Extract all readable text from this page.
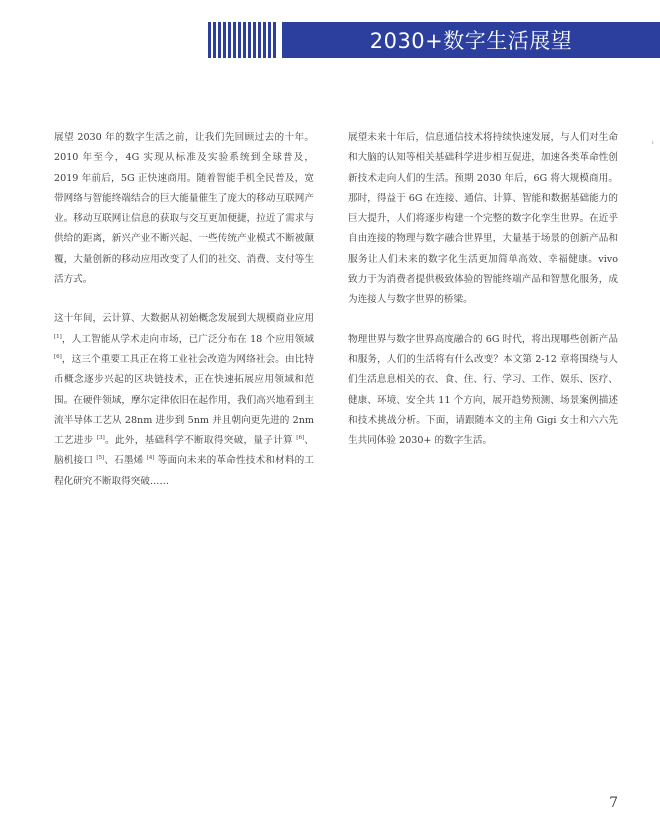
2030+数字生活展望

展望 2030 年的数字生活之前，让我们先回顾过去的十年。2010 年至今，4G 实现从标准及实验系统到全球普及，2019 年前后，5G 正快速商用。随着智能手机全民普及，宽带网络与智能终端结合的巨大能量催生了庞大的移动互联网产业。移动互联网让信息的获取与交互更加便捷，拉近了需求与供给的距离，新兴产业不断兴起、一些传统产业模式不断被颠覆，大量创新的移动应用改变了人们的社交、消费、支付等生活方式。

这十年间，云计算、大数据从初始概念发展到大规模商业应用 [1]，人工智能从学术走向市场，已广泛分布在 18 个应用领域 [6]，这三个重要工具正在将工业社会改造为网络社会。由比特币概念逐步兴起的区块链技术，正在快速拓展应用领域和范围。在硬件领域，摩尔定律依旧在起作用，我们高兴地看到主流半导体工艺从 28nm 进步到 5nm 并且朝向更先进的 2nm 工艺进步 [3]。此外，基础科学不断取得突破，量子计算 [6]、脑机接口 [5]、石墨烯 [4] 等面向未来的革命性技术和材料的工程化研究不断取得突破……

展望未来十年后，信息通信技术将持续快速发展，与人们对生命和大脑的认知等相关基础科学进步相互促进，加速各类革命性创新技术走向人们的生活。预期 2030 年后，6G 将大规模商用。那时，得益于 6G 在连接、通信、计算、智能和数据基础能力的巨大提升，人们将逐步构建一个完整的数字化孪生世界。在近乎自由连接的物理与数字融合世界里，大量基于场景的创新产品和服务让人们未来的数字化生活更加简单高效、幸福健康。vivo 致力于为消费者提供极致体验的智能终端产品和智慧化服务，成为连接人与数字世界的桥梁。

物理世界与数字世界高度融合的 6G 时代，将出现哪些创新产品和服务，人们的生活将有什么改变？本文第 2-12 章将围绕与人们生活息息相关的衣、食、住、行、学习、工作、娱乐、医疗、健康、环境、安全共 11 个方向，展开趋势预测、场景案例描述和技术挑战分析。下面，请跟随本文的主角 Gigi 女士和六六先生共同体验 2030+ 的数字生活。

1
7
